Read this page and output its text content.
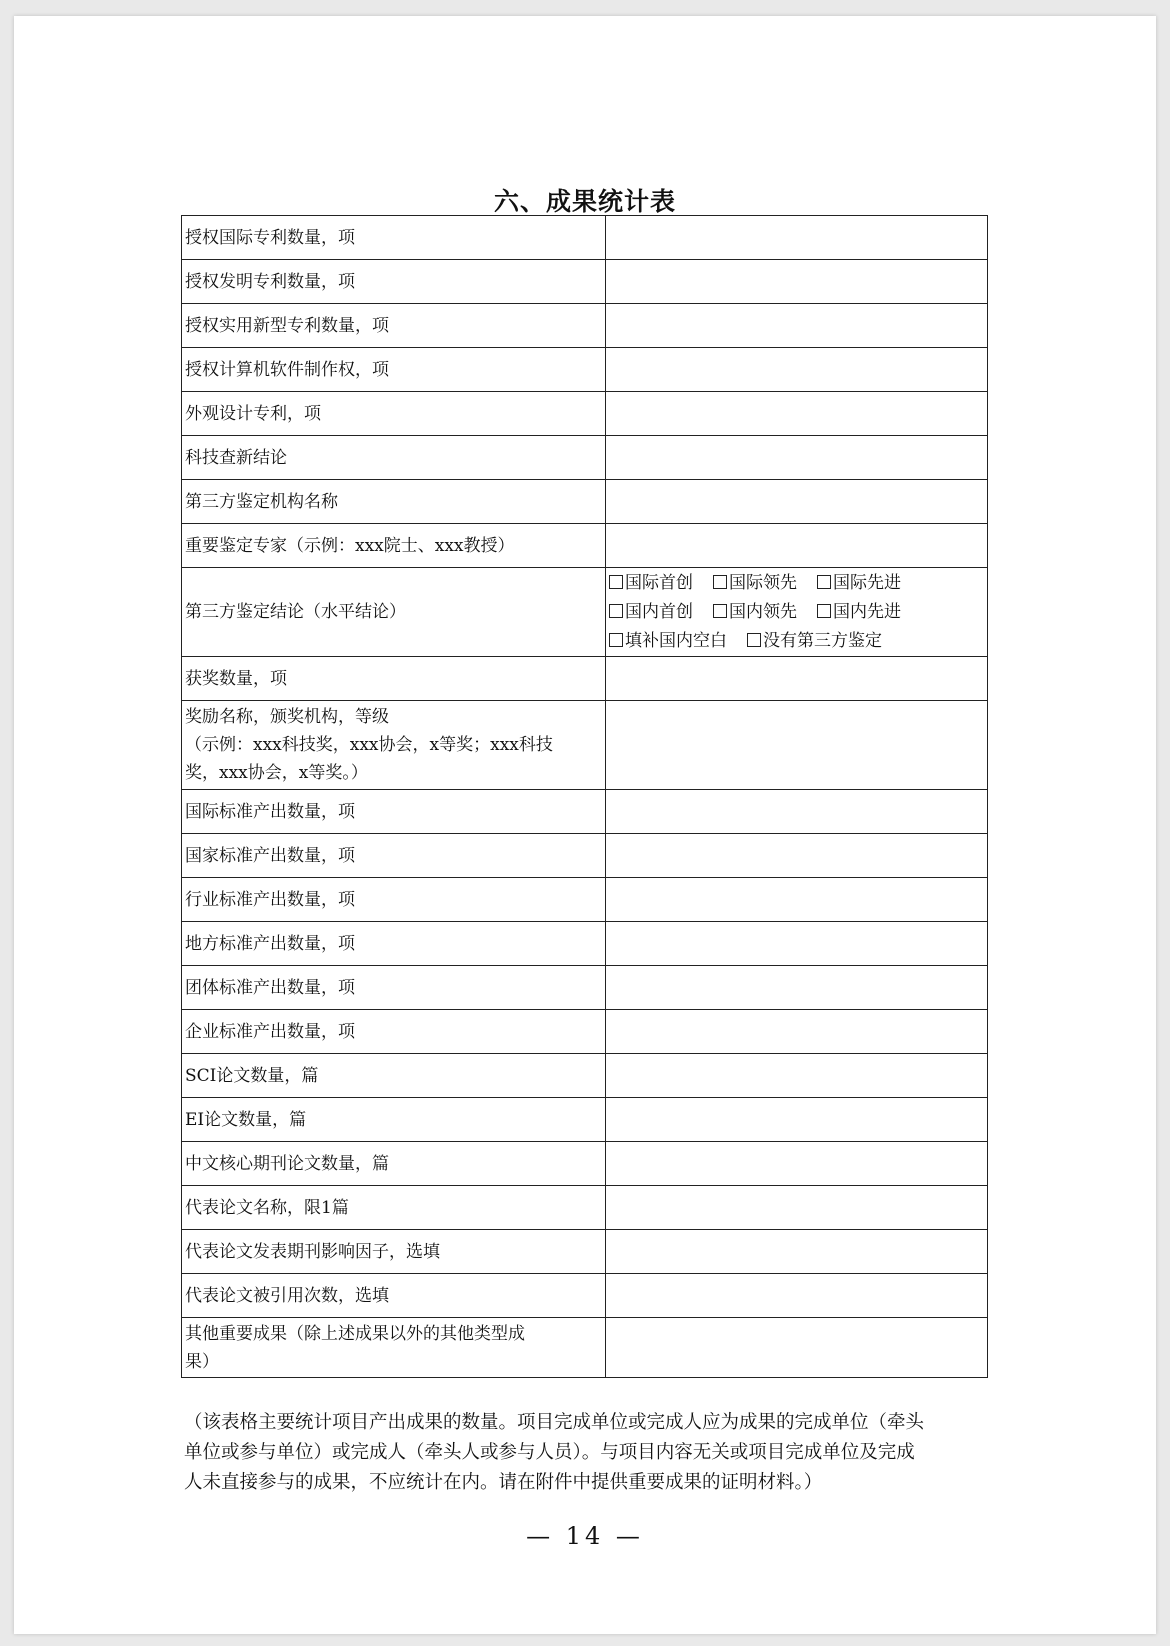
六、成果统计表
授权国际专利数量，项	
授权发明专利数量，项	
授权实用新型专利数量，项	
授权计算机软件制作权，项	
外观设计专利，项	
科技查新结论	
第三方鉴定机构名称	
重要鉴定专家（示例：xxx院士、xxx教授）	
第三方鉴定结论（水平结论）	国际首创 国际领先 国际先进
国内首创 国内领先 国内先进
填补国内空白 没有第三方鉴定

获奖数量，项	

奖励名称，颁奖机构，等级
（示例：xxx科技奖，xxx协会，x等奖；xxx科技
奖，xxx协会，x等奖。）	

国际标准产出数量，项	
国家标准产出数量，项	
行业标准产出数量，项	
地方标准产出数量，项	
团体标准产出数量，项	
企业标准产出数量，项	
SCI论文数量，篇	
EI论文数量，篇	
中文核心期刊论文数量，篇	
代表论文名称，限1篇	
代表论文发表期刊影响因子，选填	
代表论文被引用次数，选填	

其他重要成果（除上述成果以外的其他类型成
果）	

（该表格主要统计项目产出成果的数量。项目完成单位或完成人应为成果的完成单位（牵头
单位或参与单位）或完成人（牵头人或参与人员）。与项目内容无关或项目完成单位及完成
人未直接参与的成果，不应统计在内。请在附件中提供重要成果的证明材料。）
— 14 —
